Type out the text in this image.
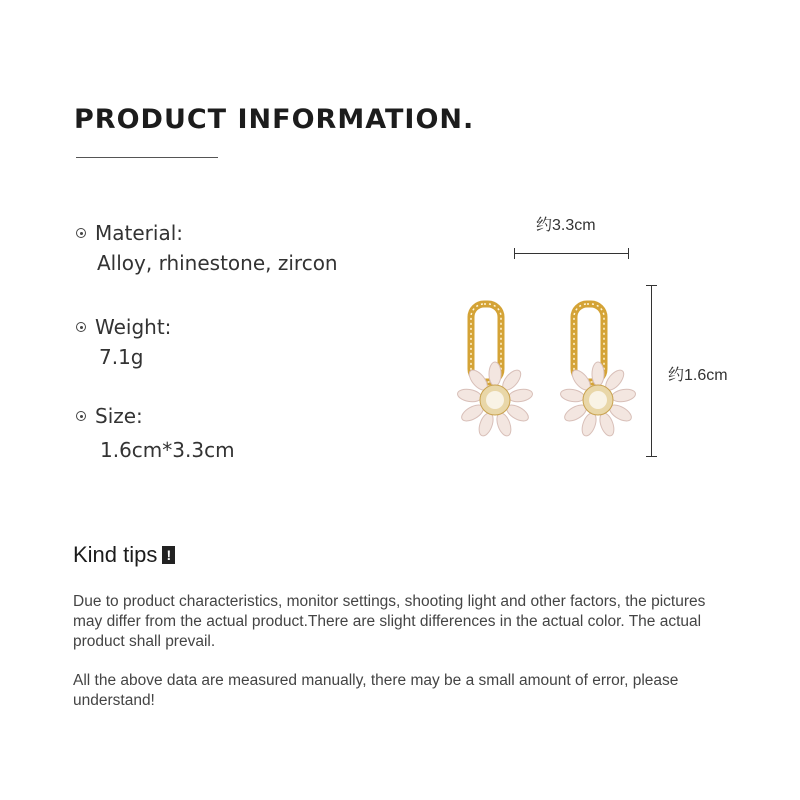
PRODUCT INFORMATION.
Material:
Alloy, rhinestone, zircon
Weight:
7.1g
Size:
1.6cm*3.3cm
约3.3cm
约1.6cm
Kind tips !

Due to product characteristics, monitor settings, shooting light and other factors, the pictures may differ from the actual product.There are slight differences in the actual color. The actual product shall prevail.

All the above data are measured manually, there may be a small amount of error, please understand!
